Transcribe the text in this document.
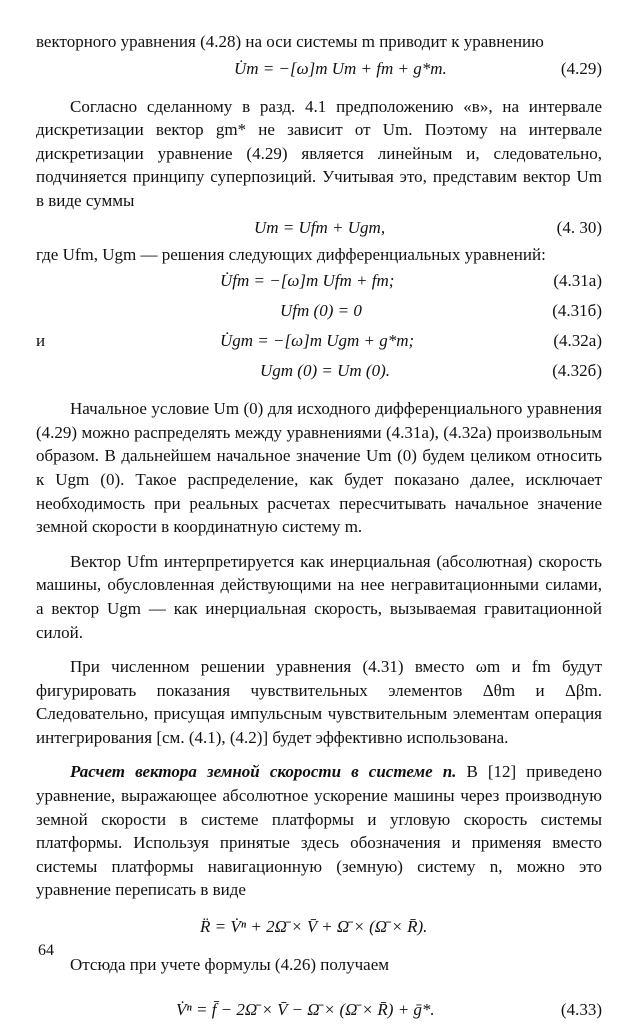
векторного уравнения (4.28) на оси системы m приводит к уравнению

U̇m = −[ω]m Um + fm + g*m.	(4.29)

Согласно сделанному в разд. 4.1 предположению «в», на интервале дискретизации вектор gm* не зависит от Um. Поэтому на интервале дискретизации уравнение (4.29) является линейным и, следовательно, подчиняется принципу суперпозиций. Учитывая это, представим вектор Um в виде суммы

Um = Ufm + Ugm,	(4. 30)

где Ufm, Ugm — решения следующих дифференциальных уравнений:

U̇fm = −[ω]m Ufm + fm;	(4.31а)
Ufm (0) = 0	(4.31б)
и	U̇gm = −[ω]m Ugm + g*m;	(4.32а)
Ugm (0) = Um (0).	(4.32б)

Начальное условие Um (0) для исходного дифференциального уравнения (4.29) можно распределять между уравнениями (4.31а), (4.32а) произвольным образом. В дальнейшем начальное значение Um (0) будем целиком относить к Ugm (0). Такое распределение, как будет показано далее, исключает необходимость при реальных расчетах пересчитывать начальное значение земной скорости в координатную систему m.

Вектор Ufm интерпретируется как инерциальная (абсолютная) скорость машины, обусловленная действующими на нее негравитационными силами, а вектор Ugm — как инерциальная скорость, вызываемая гравитационной силой.

При численном решении уравнения (4.31) вместо ωm и fm будут фигурировать показания чувствительных элементов Δθm и Δβm. Следовательно, присущая импульсным чувствительным элементам операция интегрирования [см. (4.1), (4.2)] будет эффективно использована.

Расчет вектора земной скорости в системе n. В [12] приведено уравнение, выражающее абсолютное ускорение машины через производную земной скорости в системе платформы и угловую скорость системы платформы. Используя принятые здесь обозначения и применяя вместо системы платформы навигационную (земную) систему n, можно это уравнение переписать в виде

R̈ = V̇ⁿ + 2Ω̄ × V̄ + Ω̄ × (Ω̄ × R̄).

Отсюда при учете формулы (4.26) получаем

V̇ⁿ = f̄ − 2Ω̄ × V̄ − Ω̄ × (Ω̄ × R̄) + ḡ*.	(4.33)
64
